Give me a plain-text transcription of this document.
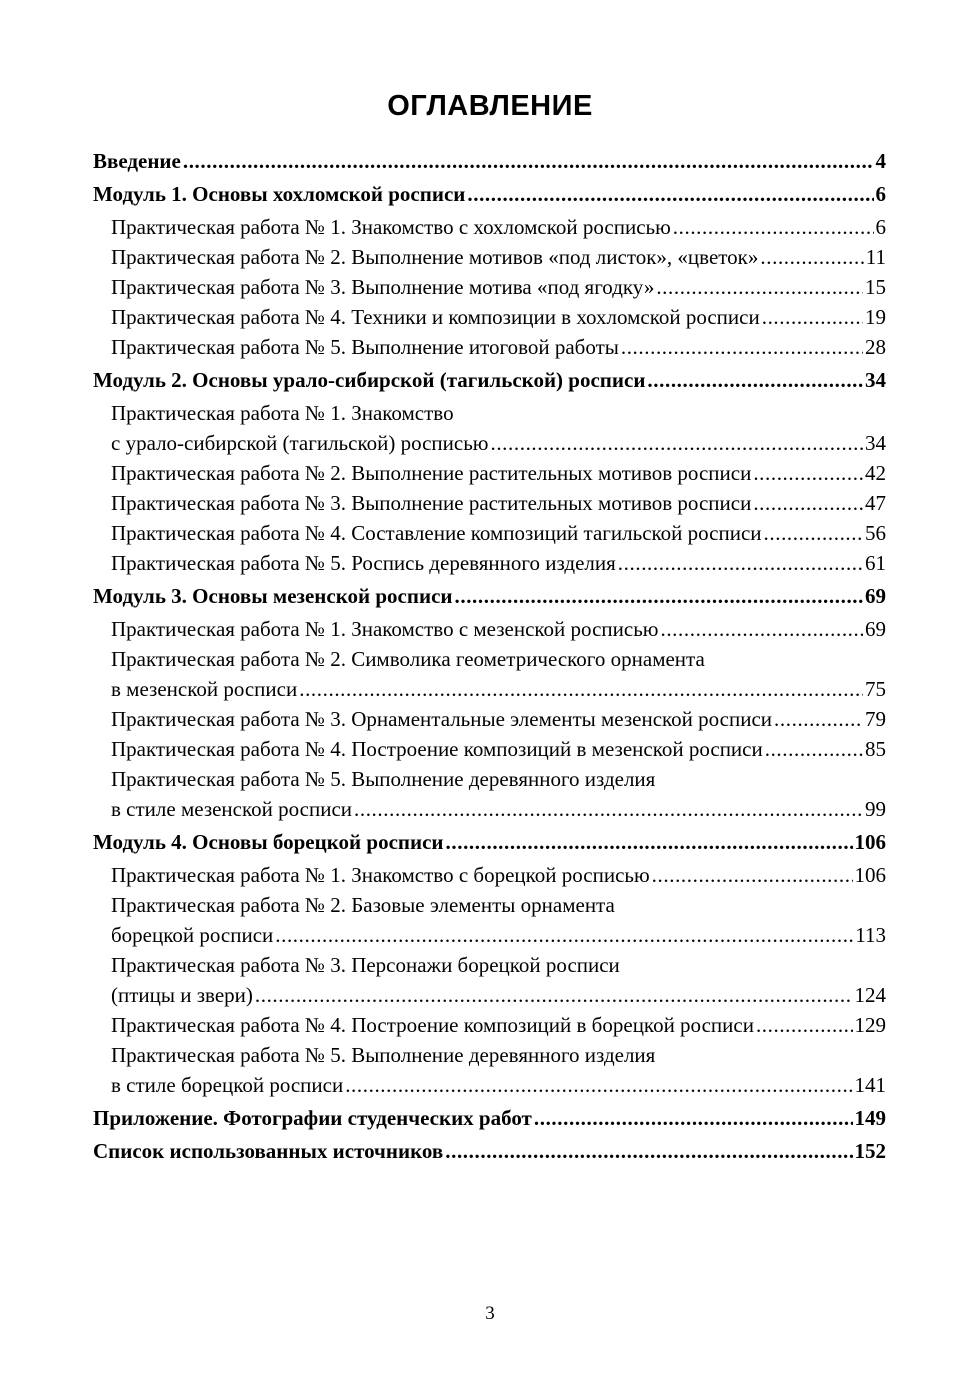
ОГЛАВЛЕНИЕ
Введение .....	4
Модуль 1. Основы хохломской росписи .....	6
Практическая работа № 1. Знакомство с хохломской росписью .....	6
Практическая работа № 2. Выполнение мотивов «под листок», «цветок» .....	11
Практическая работа № 3. Выполнение мотива «под ягодку» .....	15
Практическая работа № 4. Техники и композиции в хохломской росписи .....	19
Практическая работа № 5. Выполнение итоговой работы .....	28
Модуль 2. Основы урало-сибирской (тагильской) росписи .....	34
Практическая работа № 1. Знакомство
с урало-сибирской (тагильской) росписью .....	34
Практическая работа № 2. Выполнение растительных мотивов росписи .....	42
Практическая работа № 3. Выполнение растительных мотивов росписи .....	47
Практическая работа № 4. Составление композиций тагильской росписи .....	56
Практическая работа № 5. Роспись деревянного изделия .....	61
Модуль 3. Основы мезенской росписи .....	69
Практическая работа № 1. Знакомство с мезенской росписью .....	69
Практическая работа № 2. Символика геометрического орнамента
в мезенской росписи .....	75
Практическая работа № 3. Орнаментальные элементы мезенской росписи .....	79
Практическая работа № 4. Построение композиций в мезенской росписи .....	85
Практическая работа № 5. Выполнение деревянного изделия
в стиле мезенской росписи .....	99
Модуль 4. Основы борецкой росписи .....	106
Практическая работа № 1. Знакомство с борецкой росписью .....	106
Практическая работа № 2. Базовые элементы орнамента
борецкой росписи .....	113
Практическая работа № 3. Персонажи борецкой росписи
(птицы и звери) .....	124
Практическая работа № 4. Построение композиций в борецкой росписи .....	129
Практическая работа № 5. Выполнение деревянного изделия
в стиле борецкой росписи .....	141
Приложение. Фотографии студенческих работ .....	149
Список использованных источников .....	152
3
